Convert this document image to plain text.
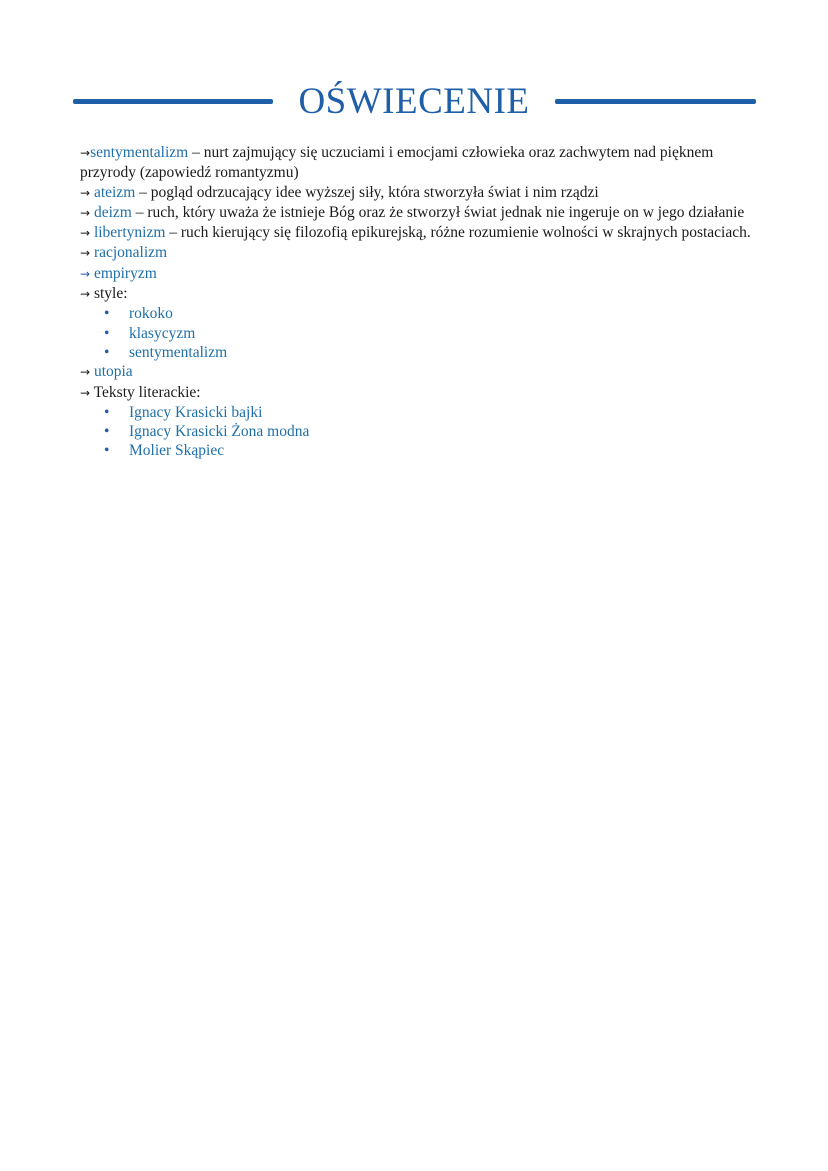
OŚWIECENIE

→sentymentalizm – nurt zajmujący się uczuciami i emocjami człowieka oraz zachwytem nad pięknem przyrody (zapowiedź romantyzmu)

→ ateizm – pogląd odrzucający idee wyższej siły, która stworzyła świat i nim rządzi

→ deizm – ruch, który uważa że istnieje Bóg oraz że stworzył świat jednak nie ingeruje on w jego działanie

→ libertynizm – ruch kierujący się filozofią epikurejską, różne rozumienie wolności w skrajnych postaciach.

→ racjonalizm

→ empiryzm

→ style:

• rokoko

• klasycyzm

• sentymentalizm

→ utopia

→ Teksty literackie:

• Ignacy Krasicki bajki

• Ignacy Krasicki Żona modna

• Molier Skąpiec
